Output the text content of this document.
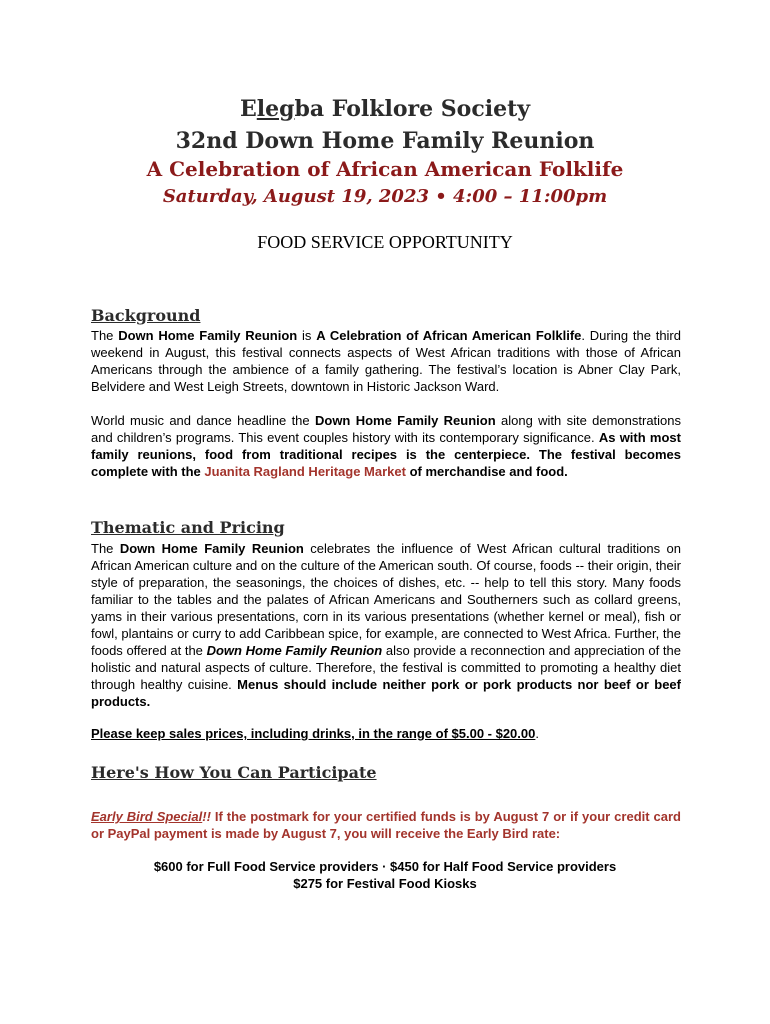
Elegba Folklore Society
32nd Down Home Family Reunion
A Celebration of African American Folklife
Saturday, August 19, 2023 • 4:00 – 11:00pm
FOOD SERVICE OPPORTUNITY
Background
The Down Home Family Reunion is A Celebration of African American Folklife. During the third weekend in August, this festival connects aspects of West African traditions with those of African Americans through the ambience of a family gathering. The festival’s location is Abner Clay Park, Belvidere and West Leigh Streets, downtown in Historic Jackson Ward.
World music and dance headline the Down Home Family Reunion along with site demonstrations and children’s programs. This event couples history with its contemporary significance. As with most family reunions, food from traditional recipes is the centerpiece. The festival becomes complete with the Juanita Ragland Heritage Market of merchandise and food.
Thematic and Pricing
The Down Home Family Reunion celebrates the influence of West African cultural traditions on African American culture and on the culture of the American south. Of course, foods -- their origin, their style of preparation, the seasonings, the choices of dishes, etc. -- help to tell this story. Many foods familiar to the tables and the palates of African Americans and Southerners such as collard greens, yams in their various presentations, corn in its various presentations (whether kernel or meal), fish or fowl, plantains or curry to add Caribbean spice, for example, are connected to West Africa. Further, the foods offered at the Down Home Family Reunion also provide a reconnection and appreciation of the holistic and natural aspects of culture. Therefore, the festival is committed to promoting a healthy diet through healthy cuisine. Menus should include neither pork or pork products nor beef or beef products.
Please keep sales prices, including drinks, in the range of $5.00 - $20.00.
Here's How You Can Participate
Early Bird Special!! If the postmark for your certified funds is by August 7 or if your credit card or PayPal payment is made by August 7, you will receive the Early Bird rate:
$600 for Full Food Service providers · $450 for Half Food Service providers
$275 for Festival Food Kiosks
